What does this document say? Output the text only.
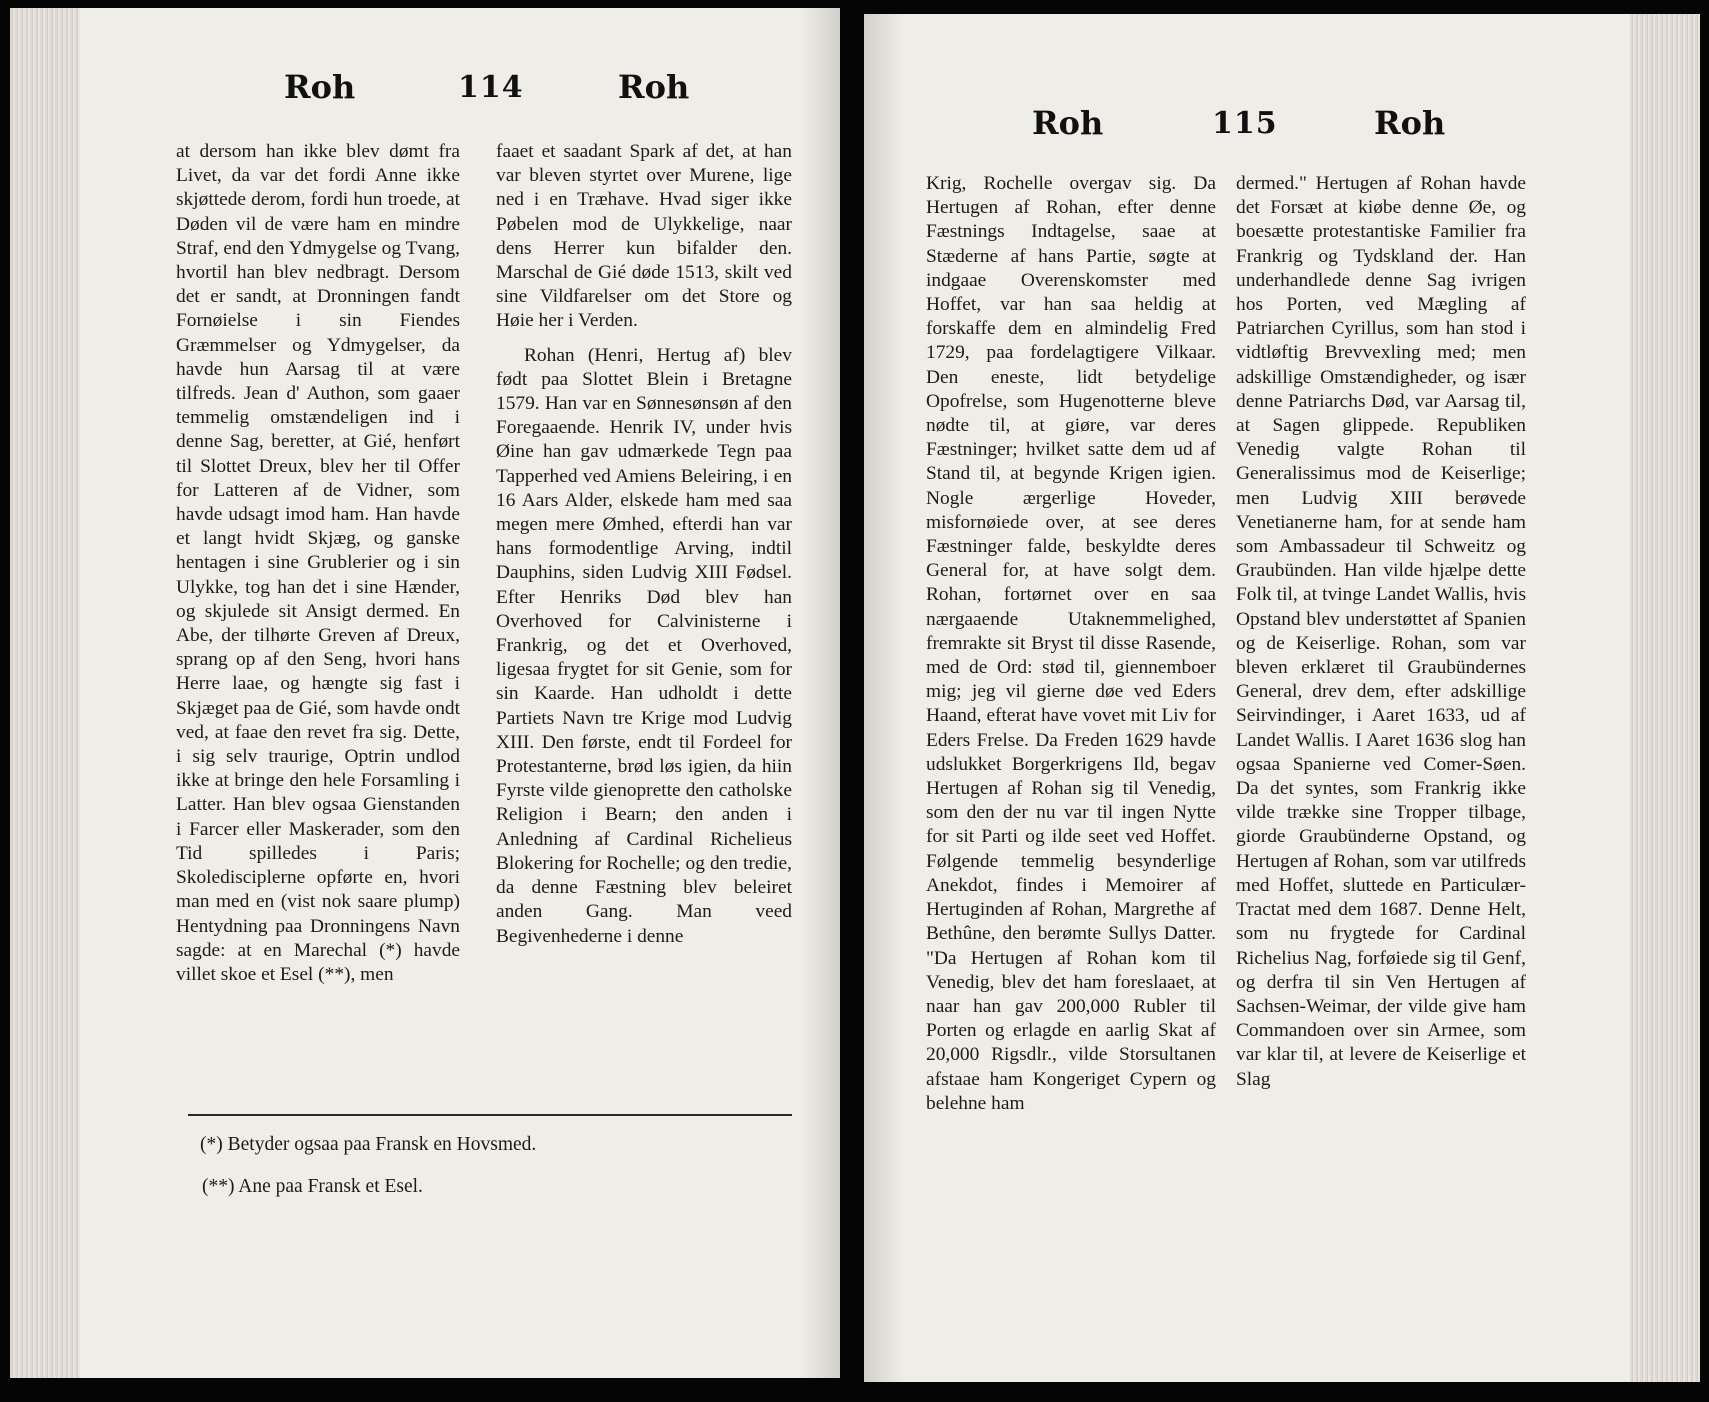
Roh	114	Roh

at dersom han ikke blev dømt fra Livet, da var det fordi Anne ikke skjøttede derom, fordi hun troede, at Døden vil de være ham en mindre Straf, end den Ydmygelse og Tvang, hvortil han blev nedbragt. Dersom det er sandt, at Dronningen fandt Fornøielse i sin Fiendes Græmmelser og Ydmygelser, da havde hun Aarsag til at være tilfreds. Jean d' Authon, som gaaer temmelig omstændeligen ind i denne Sag, beretter, at Gié, henført til Slottet Dreux, blev her til Offer for Latteren af de Vidner, som havde udsagt imod ham. Han havde et langt hvidt Skjæg, og ganske hentagen i sine Grublerier og i sin Ulykke, tog han det i sine Hænder, og skjulede sit Ansigt dermed. En Abe, der tilhørte Greven af Dreux, sprang op af den Seng, hvori hans Herre laae, og hængte sig fast i Skjæget paa de Gié, som havde ondt ved, at faae den revet fra sig. Dette, i sig selv traurige, Optrin undlod ikke at bringe den hele Forsamling i Latter. Han blev ogsaa Gienstanden i Farcer eller Maskerader, som den Tid spilledes i Paris; Skoledisciplerne opførte en, hvori man med en (vist nok saare plump) Hentydning paa Dronningens Navn sagde: at en Marechal (*) havde villet skoe et Esel (**), men

faaet et saadant Spark af det, at han var bleven styrtet over Murene, lige ned i en Træhave. Hvad siger ikke Pøbelen mod de Ulykkelige, naar dens Herrer kun bifalder den. Marschal de Gié døde 1513, skilt ved sine Vildfarelser om det Store og Høie her i Verden.

Rohan (Henri, Hertug af) blev født paa Slottet Blein i Bretagne 1579. Han var en Sønnesønsøn af den Foregaaende. Henrik IV, under hvis Øine han gav udmærkede Tegn paa Tapperhed ved Amiens Beleiring, i en 16 Aars Alder, elskede ham med saa megen mere Ømhed, efterdi han var hans formodentlige Arving, indtil Dauphins, siden Ludvig XIII Fødsel. Efter Henriks Død blev han Overhoved for Calvinisterne i Frankrig, og det et Overhoved, ligesaa frygtet for sit Genie, som for sin Kaarde. Han udholdt i dette Partiets Navn tre Krige mod Ludvig XIII. Den første, endt til Fordeel for Protestanterne, brød løs igien, da hiin Fyrste vilde gienoprette den catholske Religion i Bearn; den anden i Anledning af Cardinal Richelieus Blokering for Rochelle; og den tredie, da denne Fæstning blev beleiret anden Gang. Man veed Begivenhederne i denne

(*) Betyder ogsaa paa Fransk en Hovsmed.
(**) Ane paa Fransk et Esel.
Roh	115	Roh

Krig, Rochelle overgav sig. Da Hertugen af Rohan, efter denne Fæstnings Indtagelse, saae at Stæderne af hans Partie, søgte at indgaae Overenskomster med Hoffet, var han saa heldig at forskaffe dem en almindelig Fred 1729, paa fordelagtigere Vilkaar. Den eneste, lidt betydelige Opofrelse, som Hugenotterne bleve nødte til, at giøre, var deres Fæstninger; hvilket satte dem ud af Stand til, at begynde Krigen igien. Nogle ærgerlige Hoveder, misfornøiede over, at see deres Fæstninger falde, beskyldte deres General for, at have solgt dem. Rohan, fortørnet over en saa nærgaaende Utaknemmelighed, fremrakte sit Bryst til disse Rasende, med de Ord: stød til, giennemboer mig; jeg vil gierne døe ved Eders Haand, efterat have vovet mit Liv for Eders Frelse. Da Freden 1629 havde udslukket Borgerkrigens Ild, begav Hertugen af Rohan sig til Venedig, som den der nu var til ingen Nytte for sit Parti og ilde seet ved Hoffet. Følgende temmelig besynderlige Anekdot, findes i Memoirer af Hertuginden af Rohan, Margrethe af Bethûne, den berømte Sullys Datter. "Da Hertugen af Rohan kom til Venedig, blev det ham foreslaaet, at naar han gav 200,000 Rubler til Porten og erlagde en aarlig Skat af 20,000 Rigsdlr., vilde Storsultanen afstaae ham Kongeriget Cypern og belehne ham

dermed." Hertugen af Rohan havde det Forsæt at kiøbe denne Øe, og boesætte protestantiske Familier fra Frankrig og Tydskland der. Han underhandlede denne Sag ivrigen hos Porten, ved Mægling af Patriarchen Cyrillus, som han stod i vidtløftig Brevvexling med; men adskillige Omstændigheder, og især denne Patriarchs Død, var Aarsag til, at Sagen glippede. Republiken Venedig valgte Rohan til Generalissimus mod de Keiserlige; men Ludvig XIII berøvede Venetianerne ham, for at sende ham som Ambassadeur til Schweitz og Graubünden. Han vilde hjælpe dette Folk til, at tvinge Landet Wallis, hvis Opstand blev understøttet af Spanien og de Keiserlige. Rohan, som var bleven erklæret til Graubündernes General, drev dem, efter adskillige Seirvindinger, i Aaret 1633, ud af Landet Wallis. I Aaret 1636 slog han ogsaa Spanierne ved Comer-Søen. Da det syntes, som Frankrig ikke vilde trække sine Tropper tilbage, giorde Graubünderne Opstand, og Hertugen af Rohan, som var utilfreds med Hoffet, sluttede en Particulær-Tractat med dem 1687. Denne Helt, som nu frygtede for Cardinal Richelius Nag, forføiede sig til Genf, og derfra til sin Ven Hertugen af Sachsen-Weimar, der vilde give ham Commandoen over sin Armee, som var klar til, at levere de Keiserlige et Slag
